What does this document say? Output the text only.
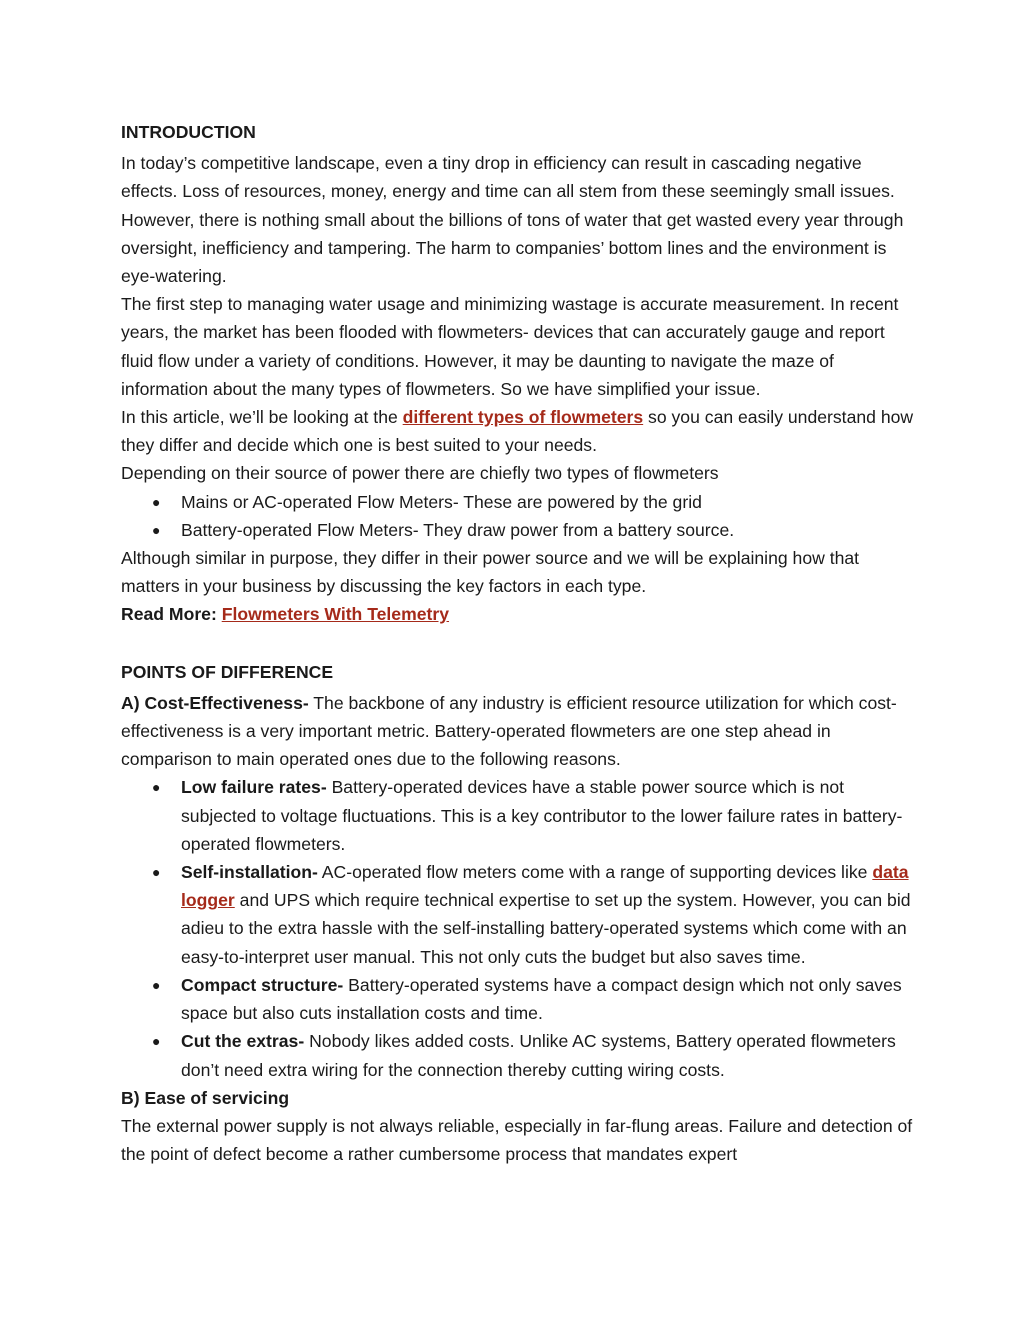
INTRODUCTION

In today’s competitive landscape, even a tiny drop in efficiency can result in cascading negative effects. Loss of resources, money, energy and time can all stem from these seemingly small issues. However, there is nothing small about the billions of tons of water that get wasted every year through oversight, inefficiency and tampering. The harm to companies’ bottom lines and the environment is eye-watering.

The first step to managing water usage and minimizing wastage is accurate measurement. In recent years, the market has been flooded with flowmeters- devices that can accurately gauge and report fluid flow under a variety of conditions. However, it may be daunting to navigate the maze of information about the many types of flowmeters. So we have simplified your issue.

In this article, we’ll be looking at the different types of flowmeters so you can easily understand how they differ and decide which one is best suited to your needs.

Depending on their source of power there are chiefly two types of flowmeters

● Mains or AC-operated Flow Meters- These are powered by the grid
● Battery-operated Flow Meters- They draw power from a battery source.

Although similar in purpose, they differ in their power source and we will be explaining how that matters in your business by discussing the key factors in each type.

Read More: Flowmeters With Telemetry

POINTS OF DIFFERENCE

A) Cost-Effectiveness- The backbone of any industry is efficient resource utilization for which cost-effectiveness is a very important metric. Battery-operated flowmeters are one step ahead in comparison to main operated ones due to the following reasons.

● Low failure rates- Battery-operated devices have a stable power source which is not subjected to voltage fluctuations. This is a key contributor to the lower failure rates in battery-operated flowmeters.
● Self-installation- AC-operated flow meters come with a range of supporting devices like data logger and UPS which require technical expertise to set up the system. However, you can bid adieu to the extra hassle with the self-installing battery-operated systems which come with an easy-to-interpret user manual. This not only cuts the budget but also saves time.
● Compact structure- Battery-operated systems have a compact design which not only saves space but also cuts installation costs and time.
● Cut the extras- Nobody likes added costs. Unlike AC systems, Battery operated flowmeters don’t need extra wiring for the connection thereby cutting wiring costs.

B) Ease of servicing

The external power supply is not always reliable, especially in far-flung areas. Failure and detection of the point of defect become a rather cumbersome process that mandates expert
